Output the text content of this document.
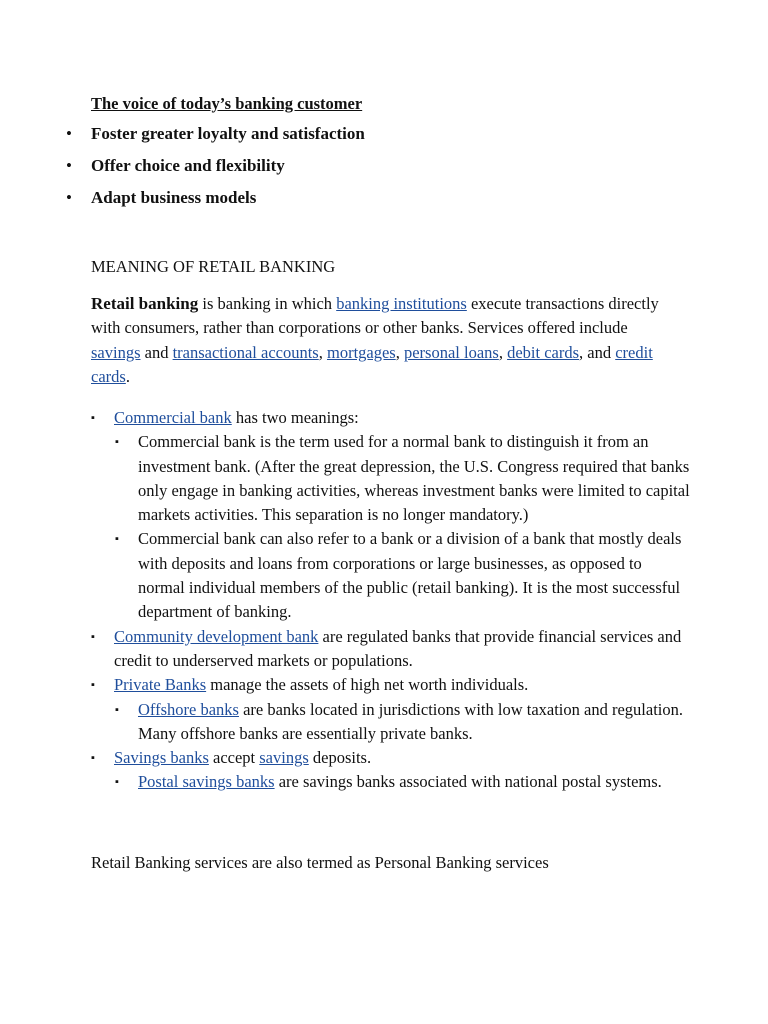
The voice of today’s banking customer
• Foster greater loyalty and satisfaction
• Offer choice and flexibility
• Adapt business models
MEANING OF RETAIL BANKING
Retail banking is banking in which banking institutions execute transactions directly with consumers, rather than corporations or other banks. Services offered include savings and transactional accounts, mortgages, personal loans, debit cards, and credit cards.
▪ Commercial bank has two meanings:
▪ Commercial bank is the term used for a normal bank to distinguish it from an investment bank. (After the great depression, the U.S. Congress required that banks only engage in banking activities, whereas investment banks were limited to capital markets activities. This separation is no longer mandatory.)
▪ Commercial bank can also refer to a bank or a division of a bank that mostly deals with deposits and loans from corporations or large businesses, as opposed to normal individual members of the public (retail banking). It is the most successful department of banking.
▪ Community development bank are regulated banks that provide financial services and credit to underserved markets or populations.
▪ Private Banks manage the assets of high net worth individuals.
▪ Offshore banks are banks located in jurisdictions with low taxation and regulation. Many offshore banks are essentially private banks.
▪ Savings banks accept savings deposits.
▪ Postal savings banks are savings banks associated with national postal systems.
Retail Banking services are also termed as Personal Banking services
